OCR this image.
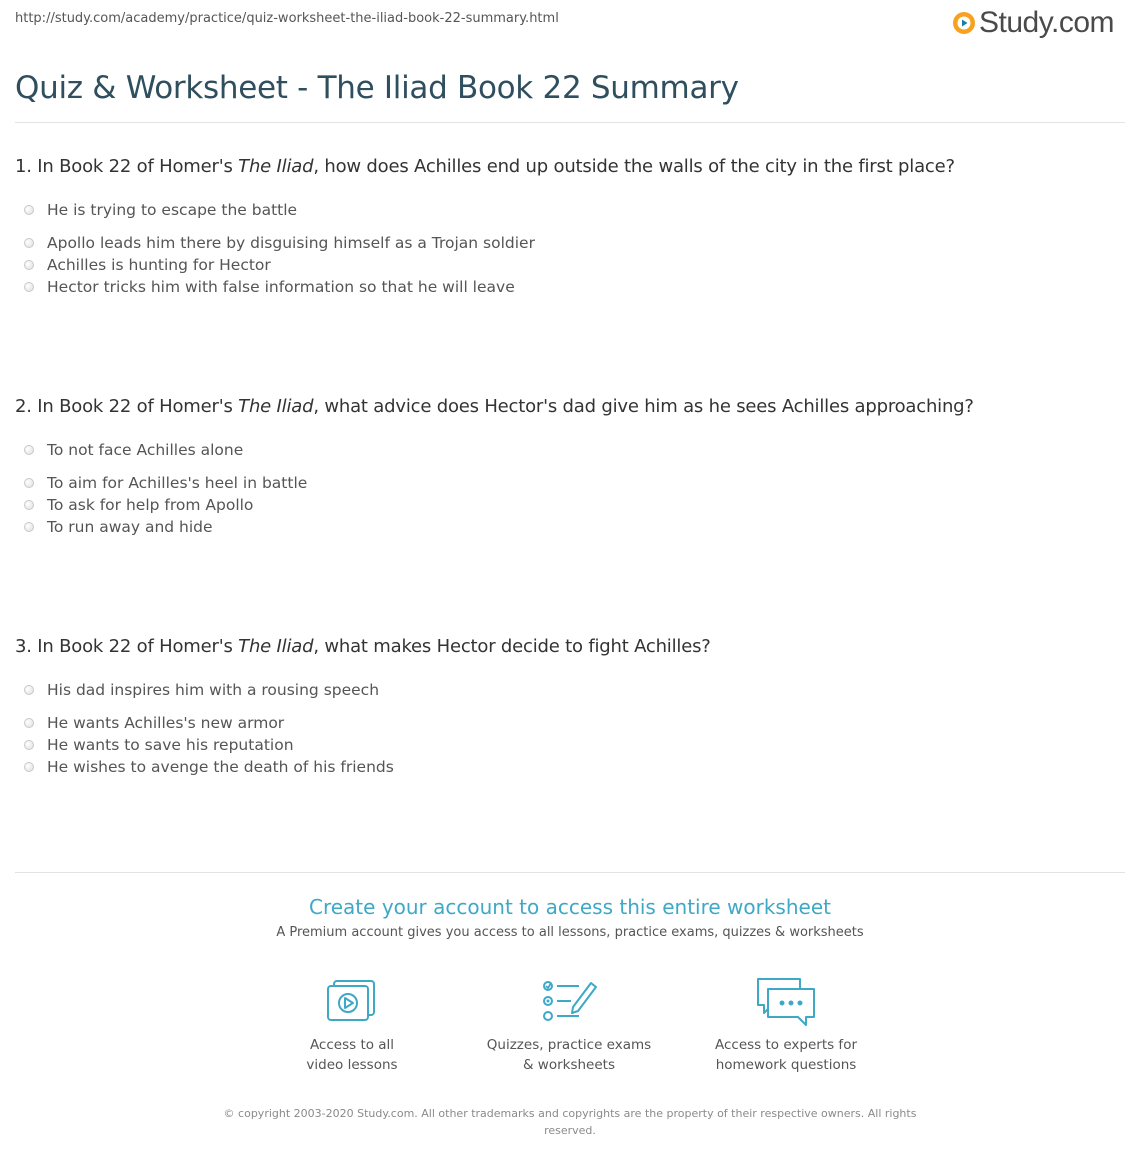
http://study.com/academy/practice/quiz-worksheet-the-iliad-book-22-summary.html	Study.com
Quiz & Worksheet - The Iliad Book 22 Summary
1. In Book 22 of Homer's The Iliad, how does Achilles end up outside the walls of the city in the first place?
He is trying to escape the battle
Apollo leads him there by disguising himself as a Trojan soldier
Achilles is hunting for Hector
Hector tricks him with false information so that he will leave
2. In Book 22 of Homer's The Iliad, what advice does Hector's dad give him as he sees Achilles approaching?
To not face Achilles alone
To aim for Achilles's heel in battle
To ask for help from Apollo
To run away and hide
3. In Book 22 of Homer's The Iliad, what makes Hector decide to fight Achilles?
His dad inspires him with a rousing speech
He wants Achilles's new armor
He wants to save his reputation
He wishes to avenge the death of his friends
Create your account to access this entire worksheet
A Premium account gives you access to all lessons, practice exams, quizzes & worksheets
Access to all
video lessons
Quizzes, practice exams
& worksheets
Access to experts for
homework questions
© copyright 2003-2020 Study.com. All other trademarks and copyrights are the property of their respective owners. All rights reserved.
